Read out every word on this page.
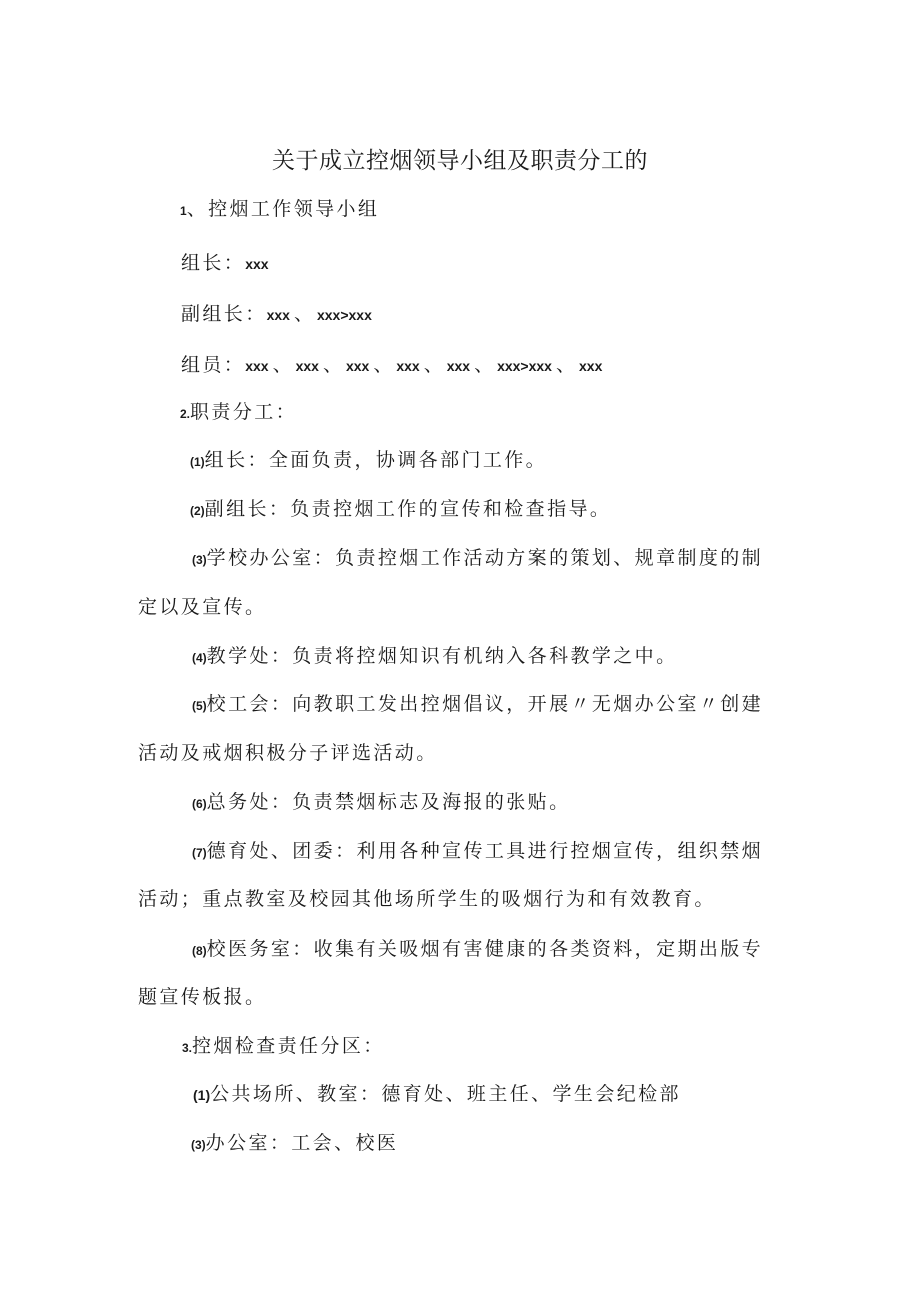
关于成立控烟领导小组及职责分工的
1、控烟工作领导小组
组长：xxx
副组长：xxx 、 xxx>xxx
组员：xxx 、 xxx 、 xxx 、 xxx 、 xxx 、 xxx>xxx 、 xxx
2.职责分工：
(1)组长：全面负责，协调各部门工作。
(2)副组长：负责控烟工作的宣传和检查指导。
(3)学校办公室：负责控烟工作活动方案的策划、规章制度的制
定以及宣传。
(4)教学处：负责将控烟知识有机纳入各科教学之中。
(5)校工会：向教职工发出控烟倡议，开展〃无烟办公室〃创建
活动及戒烟积极分子评选活动。
(6)总务处：负责禁烟标志及海报的张贴。
(7)德育处、团委：利用各种宣传工具进行控烟宣传，组织禁烟
活动；重点教室及校园其他场所学生的吸烟行为和有效教育。
(8)校医务室：收集有关吸烟有害健康的各类资料，定期出版专
题宣传板报。
3.控烟检查责任分区：
(1)公共场所、教室：德育处、班主任、学生会纪检部
(3)办公室：工会、校医
